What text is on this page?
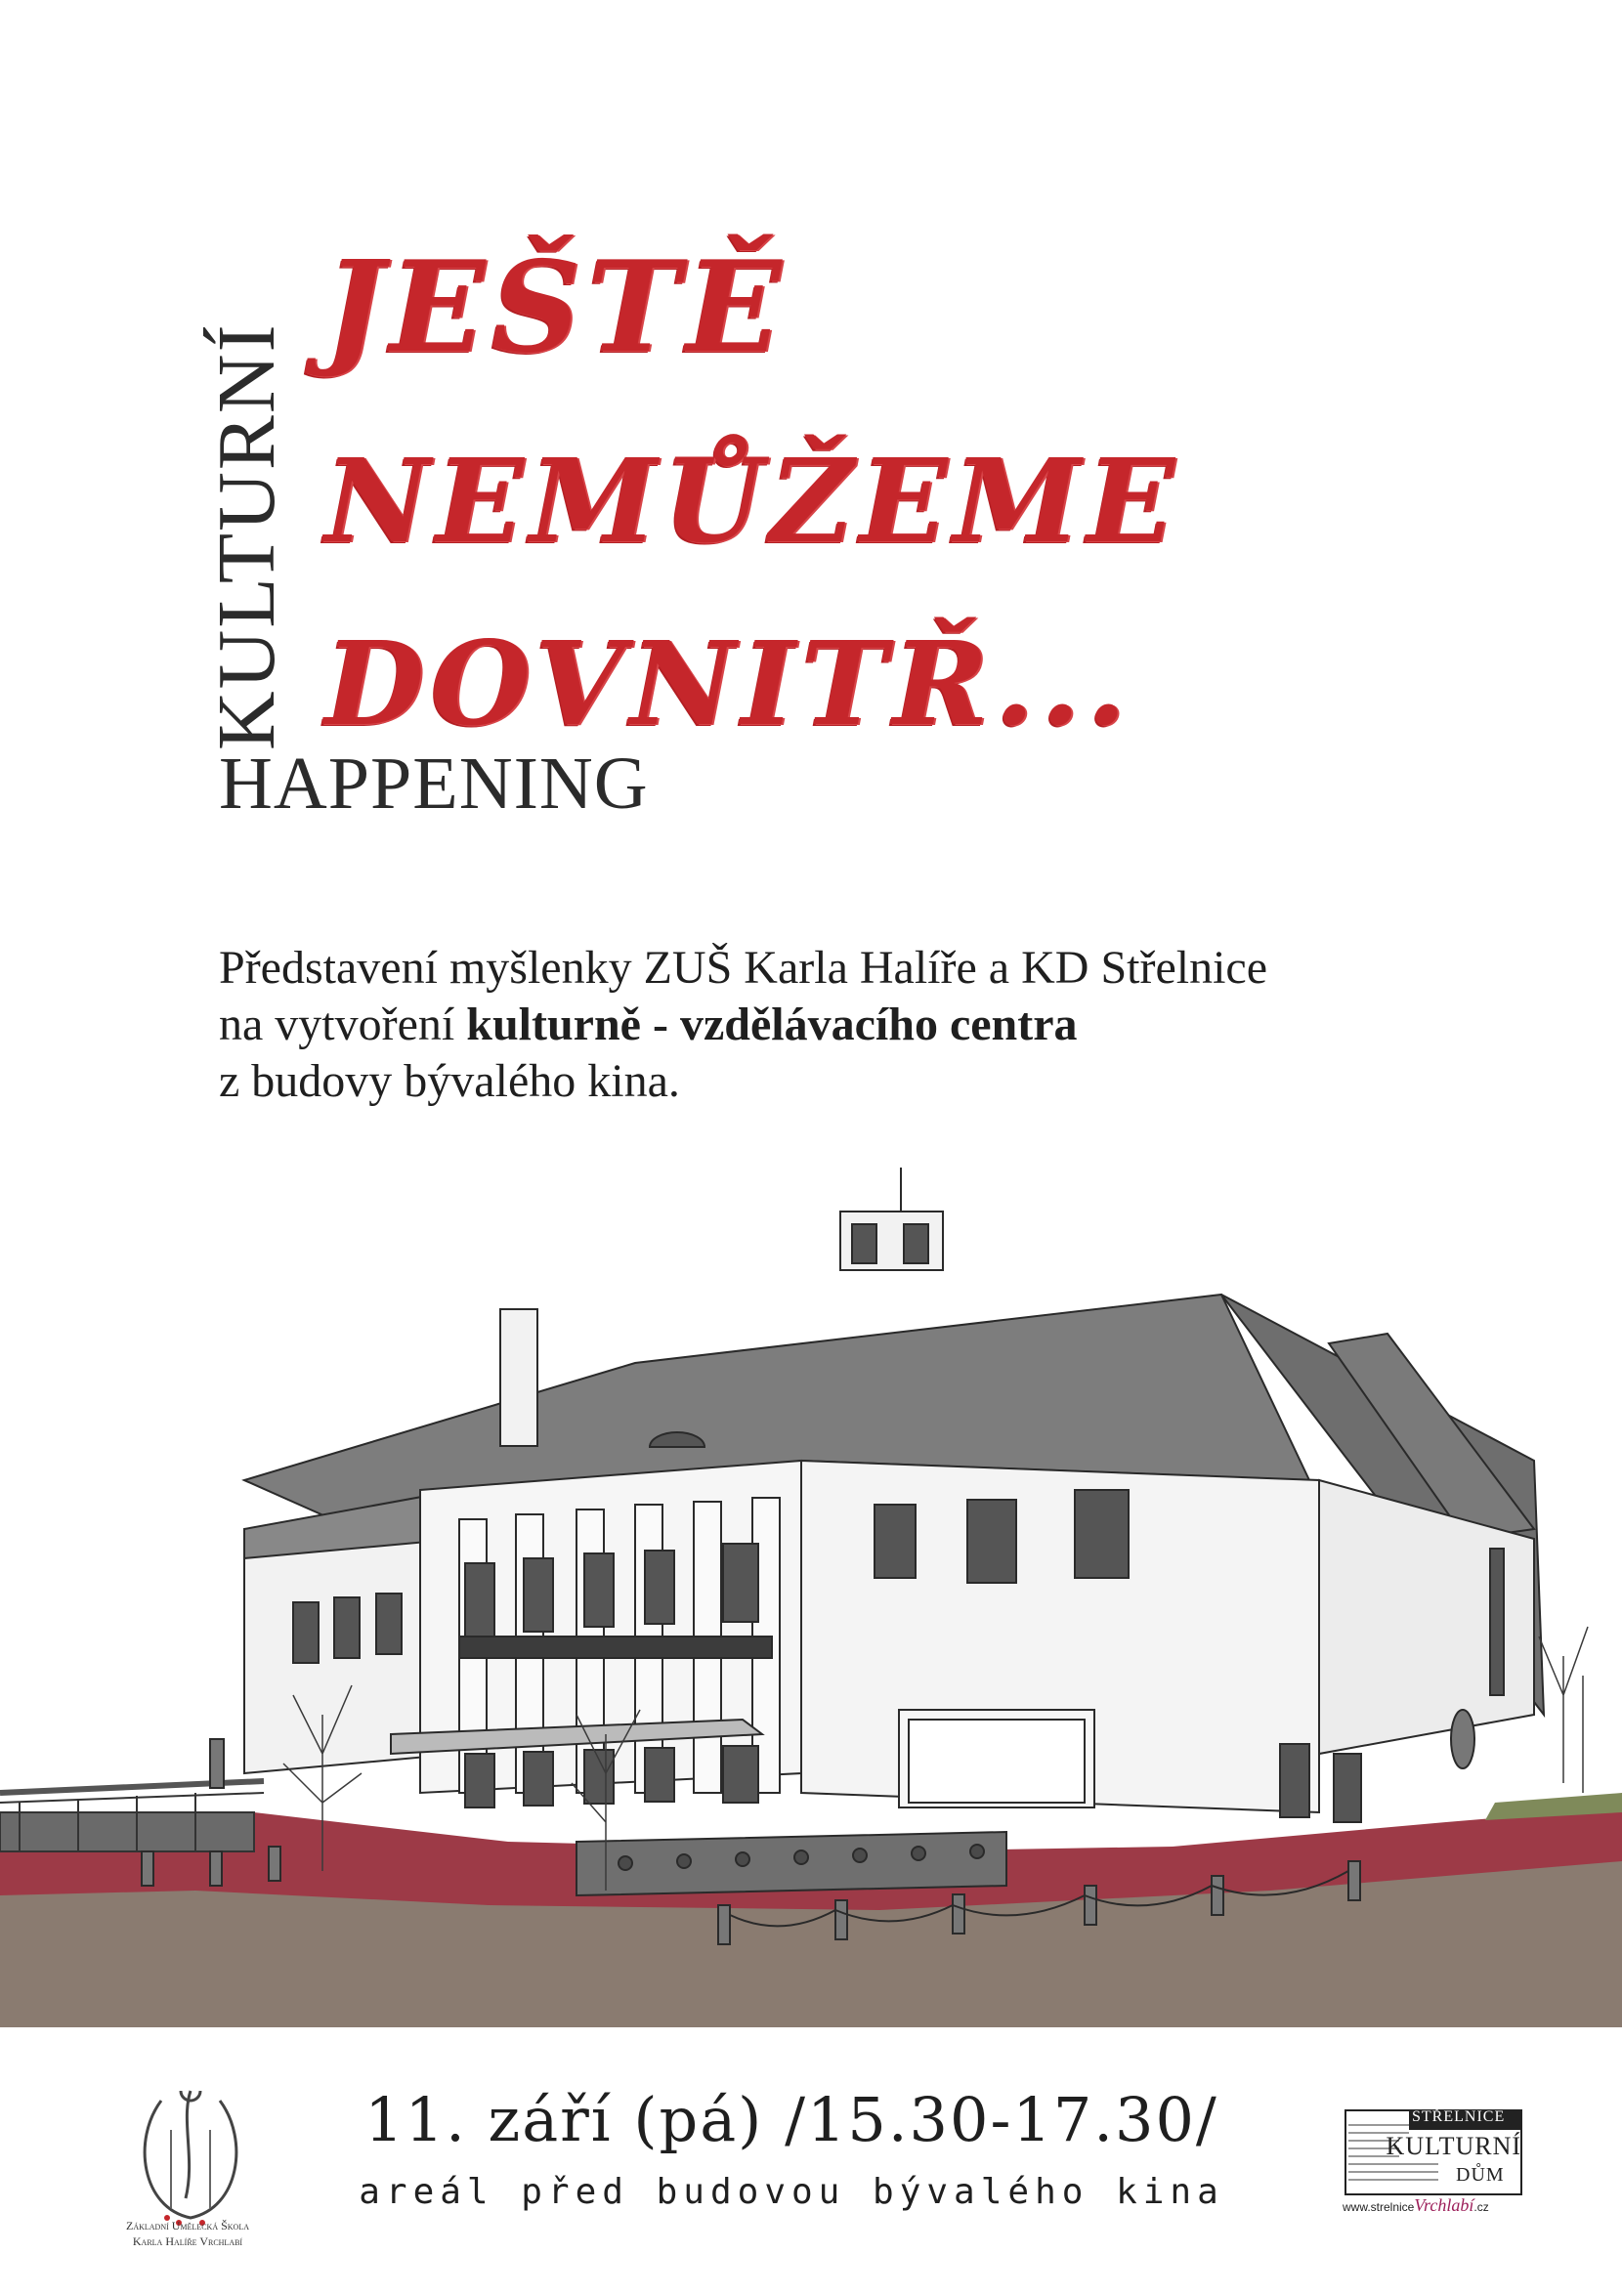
KULTURNÍ
HAPPENING
JEŠTĚ
NEMŮŽEME
DOVNITŘ...
Představení myšlenky ZUŠ Karla Halíře a KD Střelnice
na vytvoření kulturně - vzdělávacího centra
z budovy bývalého kina.
Základní Umělecká Škola
Karla Halíře Vrchlabí
11. září (pá) /15.30-17.30/
areál před budovou bývalého kina
STŘELNICE
KULTURNÍ
DŮM
www.strelniceVrchlabí.cz
